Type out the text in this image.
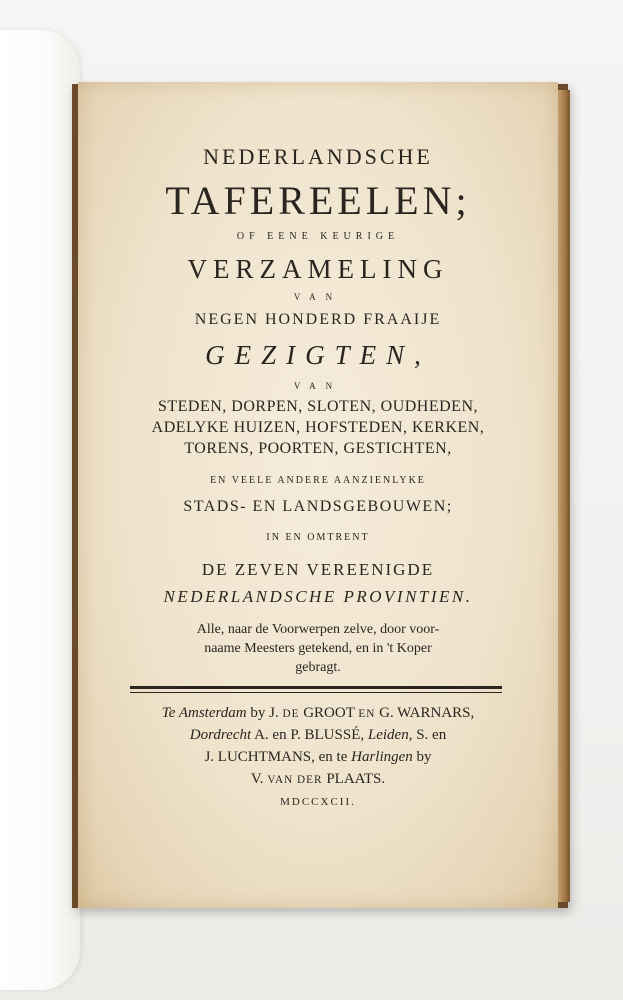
NEDERLANDSCHE
TAFEREELEN;
OF EENE KEURIGE
VERZAMELING
VAN
NEGEN HONDERD FRAAIJE
GEZIGTEN,
VAN
STEDEN, DORPEN, SLOTEN, OUDHEDEN,
ADELYKE HUIZEN, HOFSTEDEN, KERKEN,
TORENS, POORTEN, GESTICHTEN,
EN VEELE ANDERE AANZIENLYKE
STADS- EN LANDSGEBOUWEN;
IN EN OMTRENT
DE ZEVEN VEREENIGDE
NEDERLANDSCHE PROVINTIEN.
Alle, naar de Voorwerpen zelve, door voor-
naame Meesters getekend, en in 't Koper
gebragt.
Te Amsterdam by J. DE GROOT EN G. WARNARS,
Dordrecht A. en P. BLUSSÉ, Leiden, S. en
J. LUCHTMANS, en te Harlingen by
V. VAN DER PLAATS.
MDCCXCII.
